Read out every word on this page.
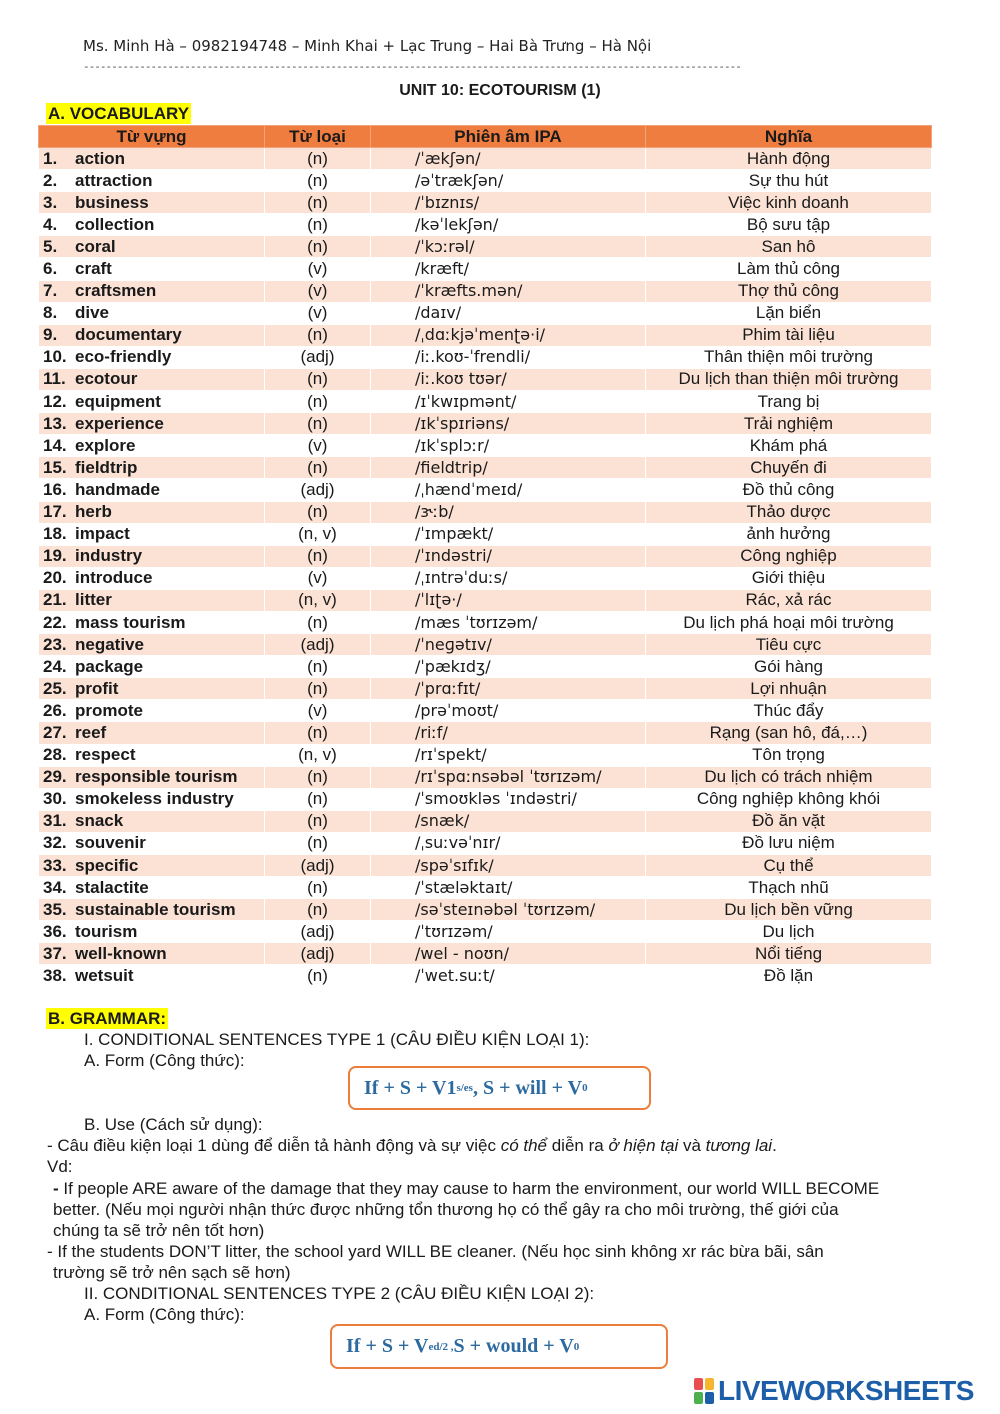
Ms. Minh Hà – 0982194748 – Minh Khai + Lạc Trung – Hai Bà Trưng – Hà Nội
---------------------------------------------------------------------------------------------------------------------
UNIT 10: ECOTOURISM (1)
A. VOCABULARY
Từ vựng	Từ loại	Phiên âm IPA	Nghĩa
1. action	(n)	/ˈækʃən/	Hành động
2. attraction	(n)	/əˈtrækʃən/	Sự thu hút
3. business	(n)	/ˈbɪznɪs/	Việc kinh doanh
4. collection	(n)	/kəˈlekʃən/	Bộ sưu tập
5. coral	(n)	/ˈkɔːrəl/	San hô
6. craft	(v)	/kræft/	Làm thủ công
7. craftsmen	(v)	/ˈkræfts.mən/	Thợ thủ công
8. dive	(v)	/daɪv/	Lặn biển
9. documentary	(n)	/ˌdɑːkjəˈmenʈə·i/	Phim tài liệu
10. eco-friendly	(adj)	/iː.koʊ-ˈfrendli/	Thân thiện môi trường
11. ecotour	(n)	/iː.koʊ tʊər/	Du lịch than thiện môi trường
12. equipment	(n)	/ɪˈkwɪpmənt/	Trang bị
13. experience	(n)	/ɪkˈspɪriəns/	Trải nghiệm
14. explore	(v)	/ɪkˈsplɔːr/	Khám phá
15. fieldtrip	(n)	/fieldtrip/	Chuyến đi
16. handmade	(adj)	/ˌhændˈmeɪd/	Đồ thủ công
17. herb	(n)	/ɝːb/	Thảo dược
18. impact	(n, v)	/ˈɪmpækt/	ảnh hưởng
19. industry	(n)	/ˈɪndəstri/	Công nghiệp
20. introduce	(v)	/ˌɪntrəˈduːs/	Giới thiệu
21. litter	(n, v)	/ˈlɪʈə·/	Rác, xả rác
22. mass tourism	(n)	/mæs ˈtʊrɪzəm/	Du lịch phá hoại môi trường
23. negative	(adj)	/ˈneɡətɪv/	Tiêu cực
24. package	(n)	/ˈpækɪdʒ/	Gói hàng
25. profit	(n)	/ˈprɑːfɪt/	Lợi nhuận
26. promote	(v)	/prəˈmoʊt/	Thúc đẩy
27. reef	(n)	/riːf/	Rạng (san hô, đá,…)
28. respect	(n, v)	/rɪˈspekt/	Tôn trọng
29. responsible tourism	(n)	/rɪˈspɑːnsəbəl ˈtʊrɪzəm/	Du lịch có trách nhiệm
30. smokeless industry	(n)	/ˈsmoʊkləs ˈɪndəstri/	Công nghiệp không khói
31. snack	(n)	/snæk/	Đồ ăn vặt
32. souvenir	(n)	/ˌsuːvəˈnɪr/	Đồ lưu niệm
33. specific	(adj)	/spəˈsɪfɪk/	Cụ thể
34. stalactite	(n)	/ˈstæləktaɪt/	Thạch nhũ
35. sustainable tourism	(n)	/səˈsteɪnəbəl ˈtʊrɪzəm/	Du lịch bền vững
36. tourism	(adj)	/ˈtʊrɪzəm/	Du lịch
37. well-known	(adj)	/wel - noʊn/	Nổi tiếng
38. wetsuit	(n)	/ˈwet.suːt/	Đồ lặn
B. GRAMMAR:
I. CONDITIONAL SENTENCES TYPE 1 (CÂU ĐIỀU KIỆN LOẠI 1):
A. Form (Công thức):
If + S + V1 s/es , S + will + V 0
B. Use (Cách sử dụng):
- Câu điều kiện loại 1 dùng để diễn tả hành động và sự việc có thể diễn ra ở hiện tại và tương lai.
Vd:
- If people ARE aware of the damage that they may cause to harm the environment, our world WILL BECOME
better. (Nếu mọi người nhận thức được những tổn thương họ có thể gây ra cho môi trường, thế giới của
chúng ta sẽ trở nên tốt hơn)
- If the students DON’T litter, the school yard WILL BE cleaner. (Nếu học sinh không xr rác bừa bãi, sân
trường sẽ trở nên sạch sẽ hơn)
II. CONDITIONAL SENTENCES TYPE 2 (CÂU ĐIỀU KIỆN LOẠI 2):
A. Form (Công thức):
If + S + V ed/2 , S + would + V 0
LIVEWORKSHEETS
